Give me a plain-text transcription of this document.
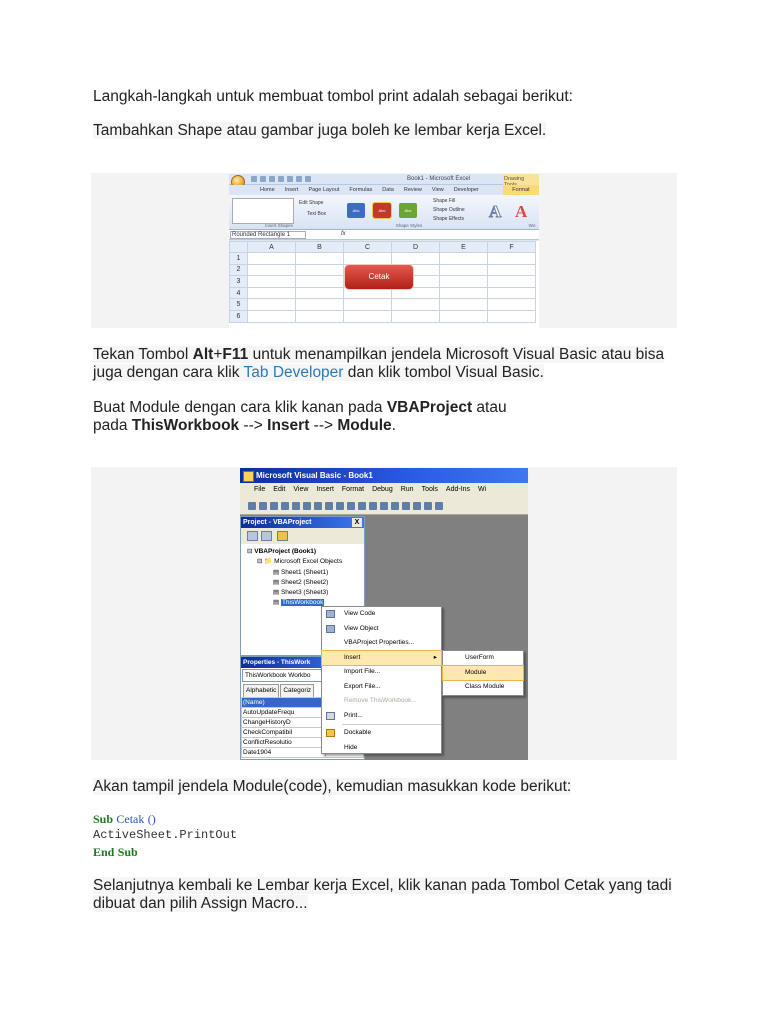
Langkah-langkah untuk membuat tombol print adalah sebagai berikut:

Tambahkan Shape atau gambar juga boleh ke lembar kerja Excel.

Book1 - Microsoft Excel	Drawing
Home	Insert	Page Layout	Formulas	Data	Review	View	Developer	Format
Edit Shape
Text Box
Abc	Abc	Abc
Shape Fill
Shape Outline
Shape Effects A A
Insert Shapes	Shape Styles	Wo
Rounded Rectangle 1	fx
	A	B	C	D	E	F
1						
2						
3						
4						
5						
6						
Cetak

Tekan Tombol Alt+F11 untuk menampilkan jendela Microsoft Visual Basic atau bisa juga dengan cara klik Tab Developer dan klik tombol Visual Basic.

Buat Module dengan cara klik kanan pada VBAProject atau pada ThisWorkbook --> Insert --> Module.

Microsoft Visual Basic - Book1
File	Edit	View	Insert	Format	Debug	Run	Tools	Add-Ins	Wi
Project - VBAProject	X
⊟ VBAProject (Book1)
⊟ 📁 Microsoft Excel Objects
▤ Sheet1 (Sheet1)
▤ Sheet2 (Sheet2)
▤ Sheet3 (Sheet3)
▤ ThisWorkbook
Properties - ThisWork
ThisWorkbook Workbo
Alphabetic	Categoriz
(Name)	
AutoUpdateFrequ	
ChangeHistoryD	
CheckCompatibil	
ConflictResolutio	
Date1904	
View Code
View Object
VBAProject Properties...
Insert	▸
Import File...
Export File...
Remove ThisWorkbook...
Print...
Dockable
Hide
UserForm
Module
Class Module

Akan tampil jendela Module(code), kemudian masukkan kode berikut:

Sub Cetak ()
ActiveSheet.PrintOut
End Sub

Selanjutnya kembali ke Lembar kerja Excel, klik kanan pada Tombol Cetak yang tadi dibuat dan pilih Assign Macro...
